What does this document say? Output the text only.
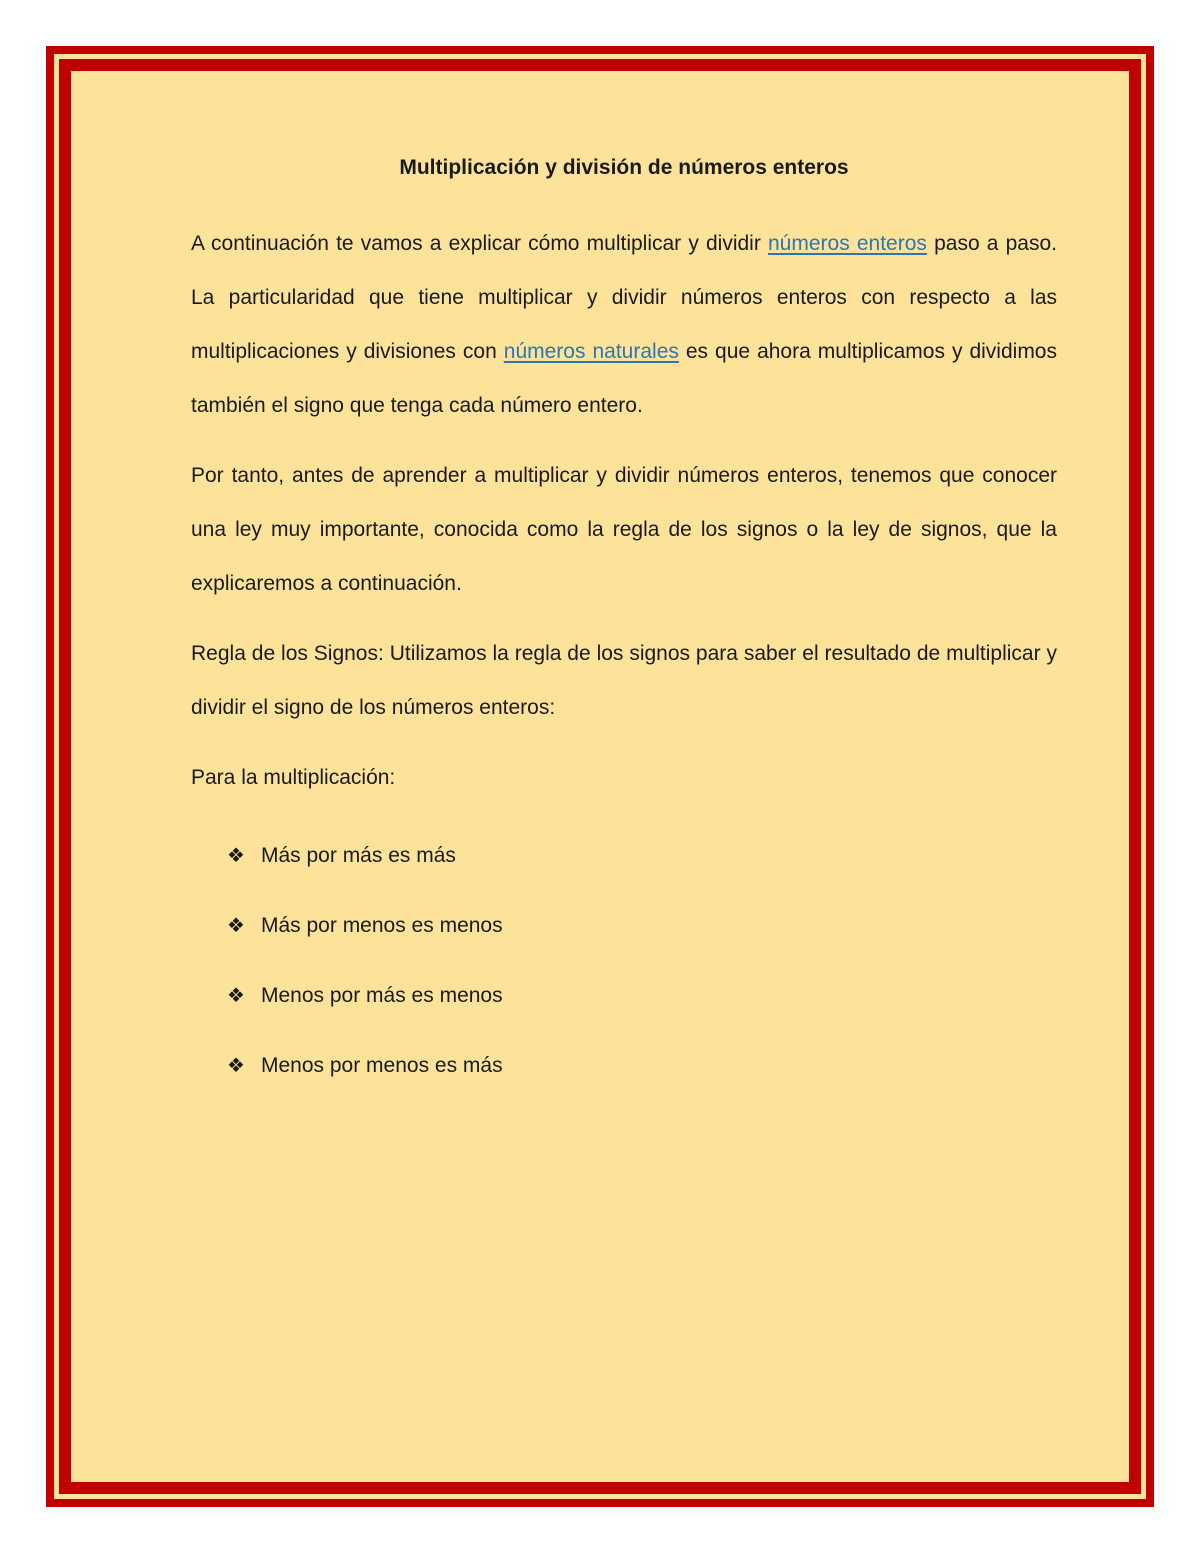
Multiplicación y división de números enteros

A continuación te vamos a explicar cómo multiplicar y dividir números enteros paso a paso. La particularidad que tiene multiplicar y dividir números enteros con respecto a las multiplicaciones y divisiones con números naturales es que ahora multiplicamos y dividimos también el signo que tenga cada número entero.

Por tanto, antes de aprender a multiplicar y dividir números enteros, tenemos que conocer una ley muy importante, conocida como la regla de los signos o la ley de signos, que la explicaremos a continuación.

Regla de los Signos: Utilizamos la regla de los signos para saber el resultado de multiplicar y dividir el signo de los números enteros:

Para la multiplicación:

❖ Más por más es más
❖ Más por menos es menos
❖ Menos por más es menos
❖ Menos por menos es más
